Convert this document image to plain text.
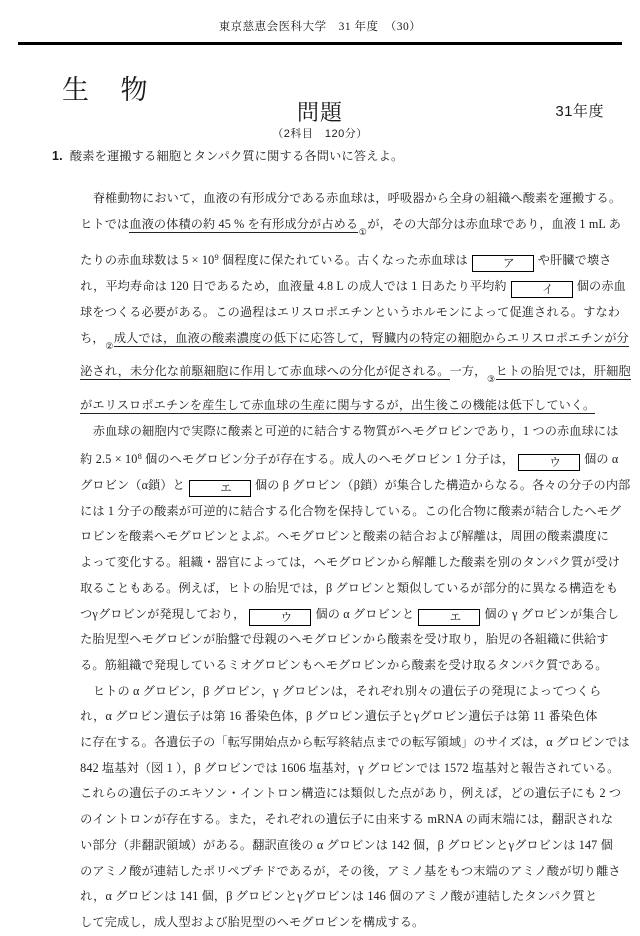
東京慈恵会医科大学　31 年度　（30）
生 物
問題
（2科目　120分）
31年度
1. 酸素を運搬する細胞とタンパク質に関する各問いに答えよ。
脊椎動物において，血液の有形成分である赤血球は，呼吸器から全身の組織へ酸素を運搬する。
ヒトでは血液の体積の約 45 % を有形成分が占める$_①$が，その大部分は赤血球であり，血液 1 mL あ
たりの赤血球数は $5 \times 10^9$ 個程度に保たれている。古くなった赤血球は	ア や肝臓で壊さ
れ，平均寿命は 120 日であるため，血液量 4.8 L の成人では 1 日あたり平均約	イ 個の赤血
球をつくる必要がある。この過程はエリスロポエチンというホルモンによって促進される。すなわ
ち，$_②$成人では，血液の酸素濃度の低下に応答して，腎臓内の特定の細胞からエリスロポエチンが分
泌され，未分化な前駆細胞に作用して赤血球への分化が促される。一方，$_③$ヒトの胎児では，肝細胞
がエリスロポエチンを産生して赤血球の生産に関与するが，出生後この機能は低下していく。
赤血球の細胞内で実際に酸素と可逆的に結合する物質がヘモグロビンであり，1 つの赤血球には
約 $2.5 \times 10^8$ 個のヘモグロビン分子が存在する。成人のヘモグロビン 1 分子は，	ウ 個の α
グロビン（α鎖）と	エ 個の β グロビン（β鎖）が集合した構造からなる。各々の分子の内部
には 1 分子の酸素が可逆的に結合する化合物を保持している。この化合物に酸素が結合したヘモグ
ロビンを酸素ヘモグロビンとよぶ。ヘモグロビンと酸素の結合および解離は，周囲の酸素濃度に
よって変化する。組織・器官によっては，ヘモグロビンから解離した酸素を別のタンパク質が受け
取ることもある。例えば，ヒトの胎児では，β グロビンと類似しているが部分的に異なる構造をも
つγグロビンが発現しており，	ウ 個の α グロビンと	エ 個の γ グロビンが集合し
た胎児型ヘモグロビンが胎盤で母親のヘモグロビンから酸素を受け取り，胎児の各組織に供給す
る。筋組織で発現しているミオグロビンもヘモグロビンから酸素を受け取るタンパク質である。
ヒトの α グロビン，β グロビン，γ グロビンは，それぞれ別々の遺伝子の発現によってつくら
れ，α グロビン遺伝子は第 16 番染色体，β グロビン遺伝子とγグロビン遺伝子は第 11 番染色体
に存在する。各遺伝子の「転写開始点から転写終結点までの転写領域」のサイズは，α グロビンでは
842 塩基対（図 1 ），β グロビンでは 1606 塩基対，γ グロビンでは 1572 塩基対と報告されている。
これらの遺伝子のエキソン・イントロン構造には類似した点があり，例えば，どの遺伝子にも 2 つ
のイントロンが存在する。また，それぞれの遺伝子に由来する mRNA の両末端には，翻訳されな
い部分（非翻訳領域）がある。翻訳直後の α グロビンは 142 個，β グロビンとγグロビンは 147 個
のアミノ酸が連結したポリペプチドであるが，その後，アミノ基をもつ末端のアミノ酸が切り離さ
れ，α グロビンは 141 個，β グロビンとγグロビンは 146 個のアミノ酸が連結したタンパク質と
して完成し，成人型および胎児型のヘモグロビンを構成する。
